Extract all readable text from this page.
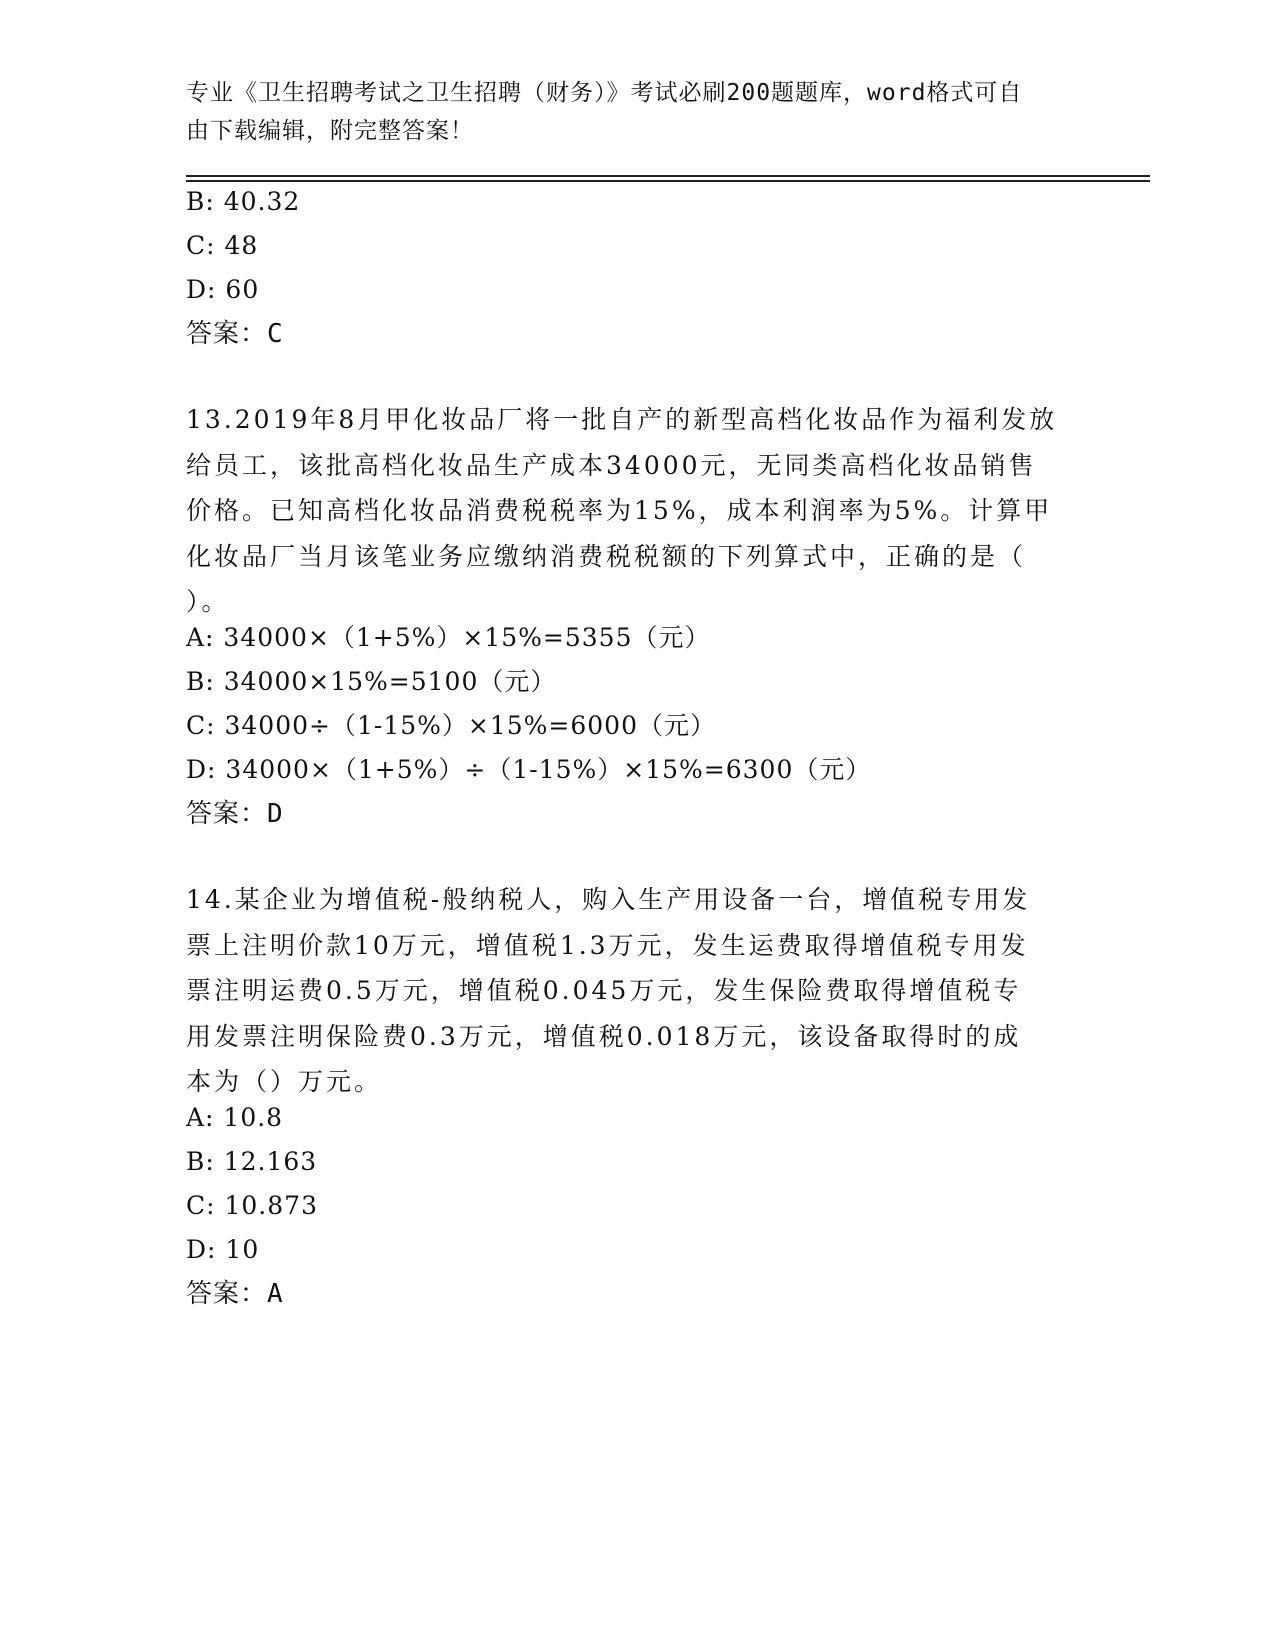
专业《卫生招聘考试之卫生招聘（财务）》考试必刷200题题库，word格式可自
由下载编辑，附完整答案！
B: 40.32
C: 48
D: 60
答案：C
13.2019年8月甲化妆品厂将一批自产的新型高档化妆品作为福利发放
给员工，该批高档化妆品生产成本34000元，无同类高档化妆品销售
价格。已知高档化妆品消费税税率为15%，成本利润率为5%。计算甲
化妆品厂当月该笔业务应缴纳消费税税额的下列算式中，正确的是（
）。
A: 34000×（1+5%）×15%=5355（元）
B: 34000×15%=5100（元）
C: 34000÷（1-15%）×15%=6000（元）
D: 34000×（1+5%）÷（1-15%）×15%=6300（元）
答案：D
14.某企业为增值税-般纳税人，购入生产用设备一台，增值税专用发
票上注明价款10万元，增值税1.3万元，发生运费取得增值税专用发
票注明运费0.5万元，增值税0.045万元，发生保险费取得增值税专
用发票注明保险费0.3万元，增值税0.018万元，该设备取得时的成
本为（）万元。
A: 10.8
B: 12.163
C: 10.873
D: 10
答案：A
